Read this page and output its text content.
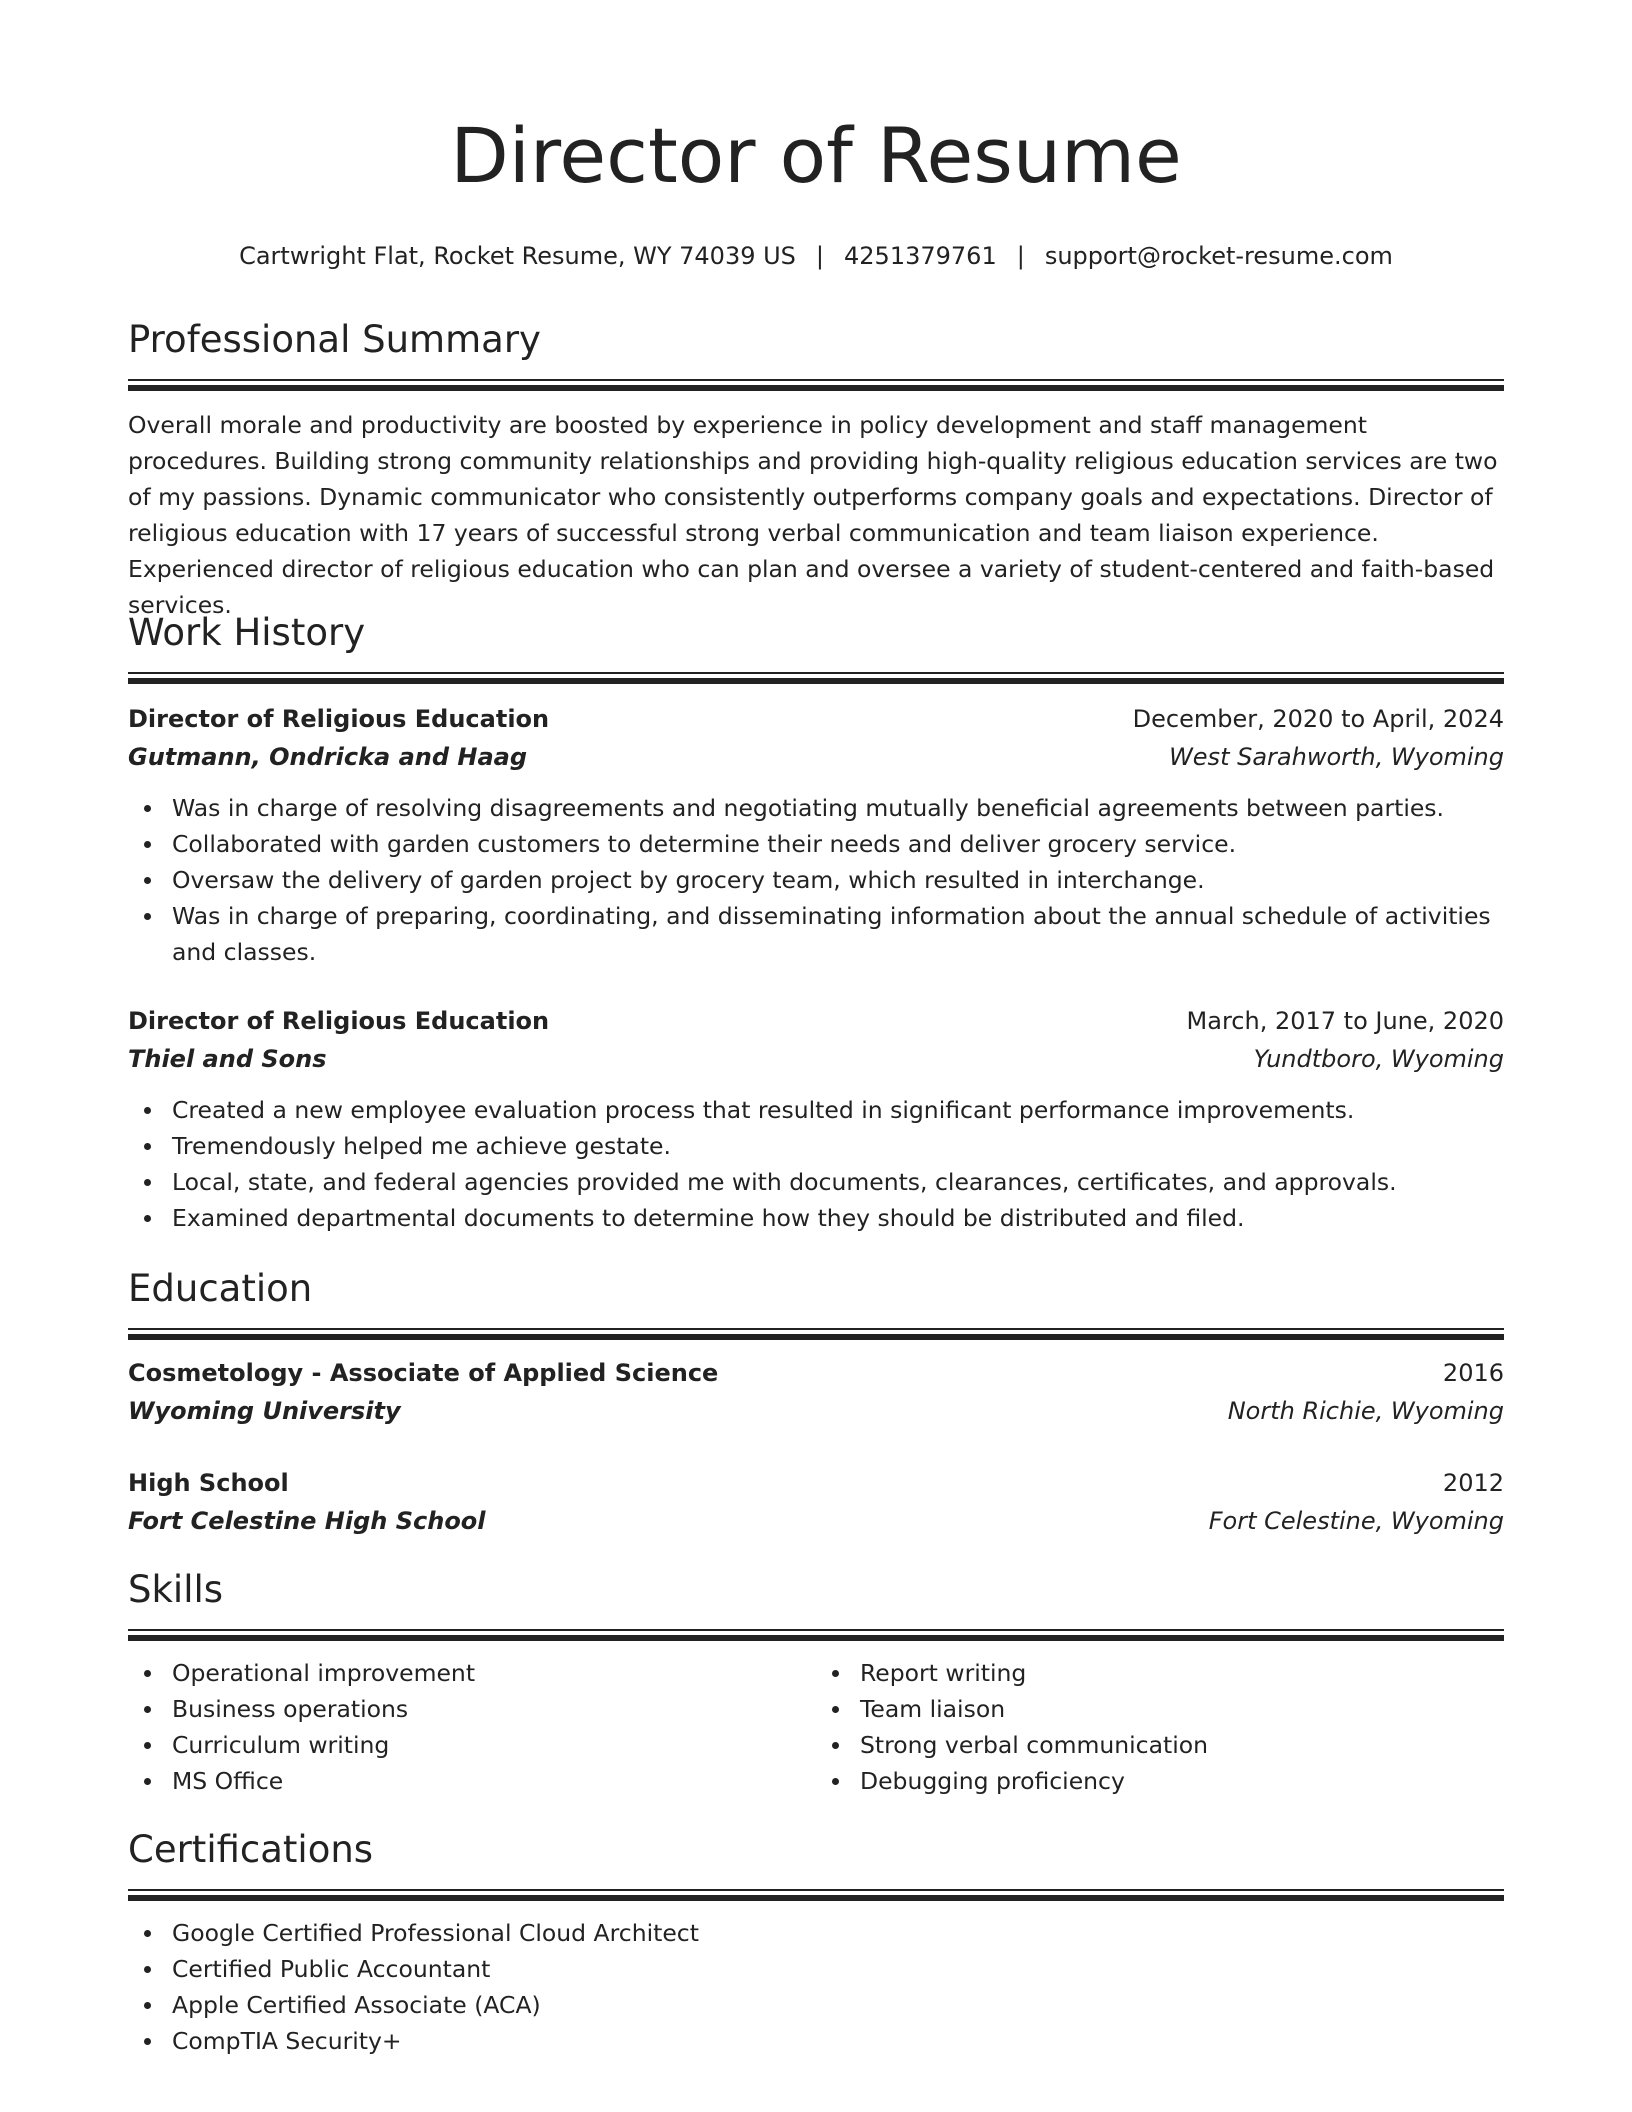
Director of Resume
Cartwright Flat, Rocket Resume, WY 74039 US | 4251379761 | support@rocket-resume.com
Professional Summary

Overall morale and productivity are boosted by experience in policy development and staff management procedures. Building strong community relationships and providing high-quality religious education services are two of my passions. Dynamic communicator who consistently outperforms company goals and expectations. Director of religious education with 17 years of successful strong verbal communication and team liaison experience. Experienced director of religious education who can plan and oversee a variety of student-centered and faith-based services.

Work History
Director of Religious Education	December, 2020 to April, 2024
Gutmann, Ondricka and Haag	West Sarahworth, Wyoming
Was in charge of resolving disagreements and negotiating mutually beneficial agreements between parties.
Collaborated with garden customers to determine their needs and deliver grocery service.
Oversaw the delivery of garden project by grocery team, which resulted in interchange.
Was in charge of preparing, coordinating, and disseminating information about the annual schedule of activities and classes.
Director of Religious Education	March, 2017 to June, 2020
Thiel and Sons	Yundtboro, Wyoming
Created a new employee evaluation process that resulted in significant performance improvements.
Tremendously helped me achieve gestate.
Local, state, and federal agencies provided me with documents, clearances, certificates, and approvals.
Examined departmental documents to determine how they should be distributed and filed.
Education
Cosmetology - Associate of Applied Science	2016
Wyoming University	North Richie, Wyoming
High School	2012
Fort Celestine High School	Fort Celestine, Wyoming
Skills
Operational improvement
Business operations
Curriculum writing
MS Office
Report writing
Team liaison
Strong verbal communication
Debugging proficiency
Certifications
Google Certified Professional Cloud Architect
Certified Public Accountant
Apple Certified Associate (ACA)
CompTIA Security+
